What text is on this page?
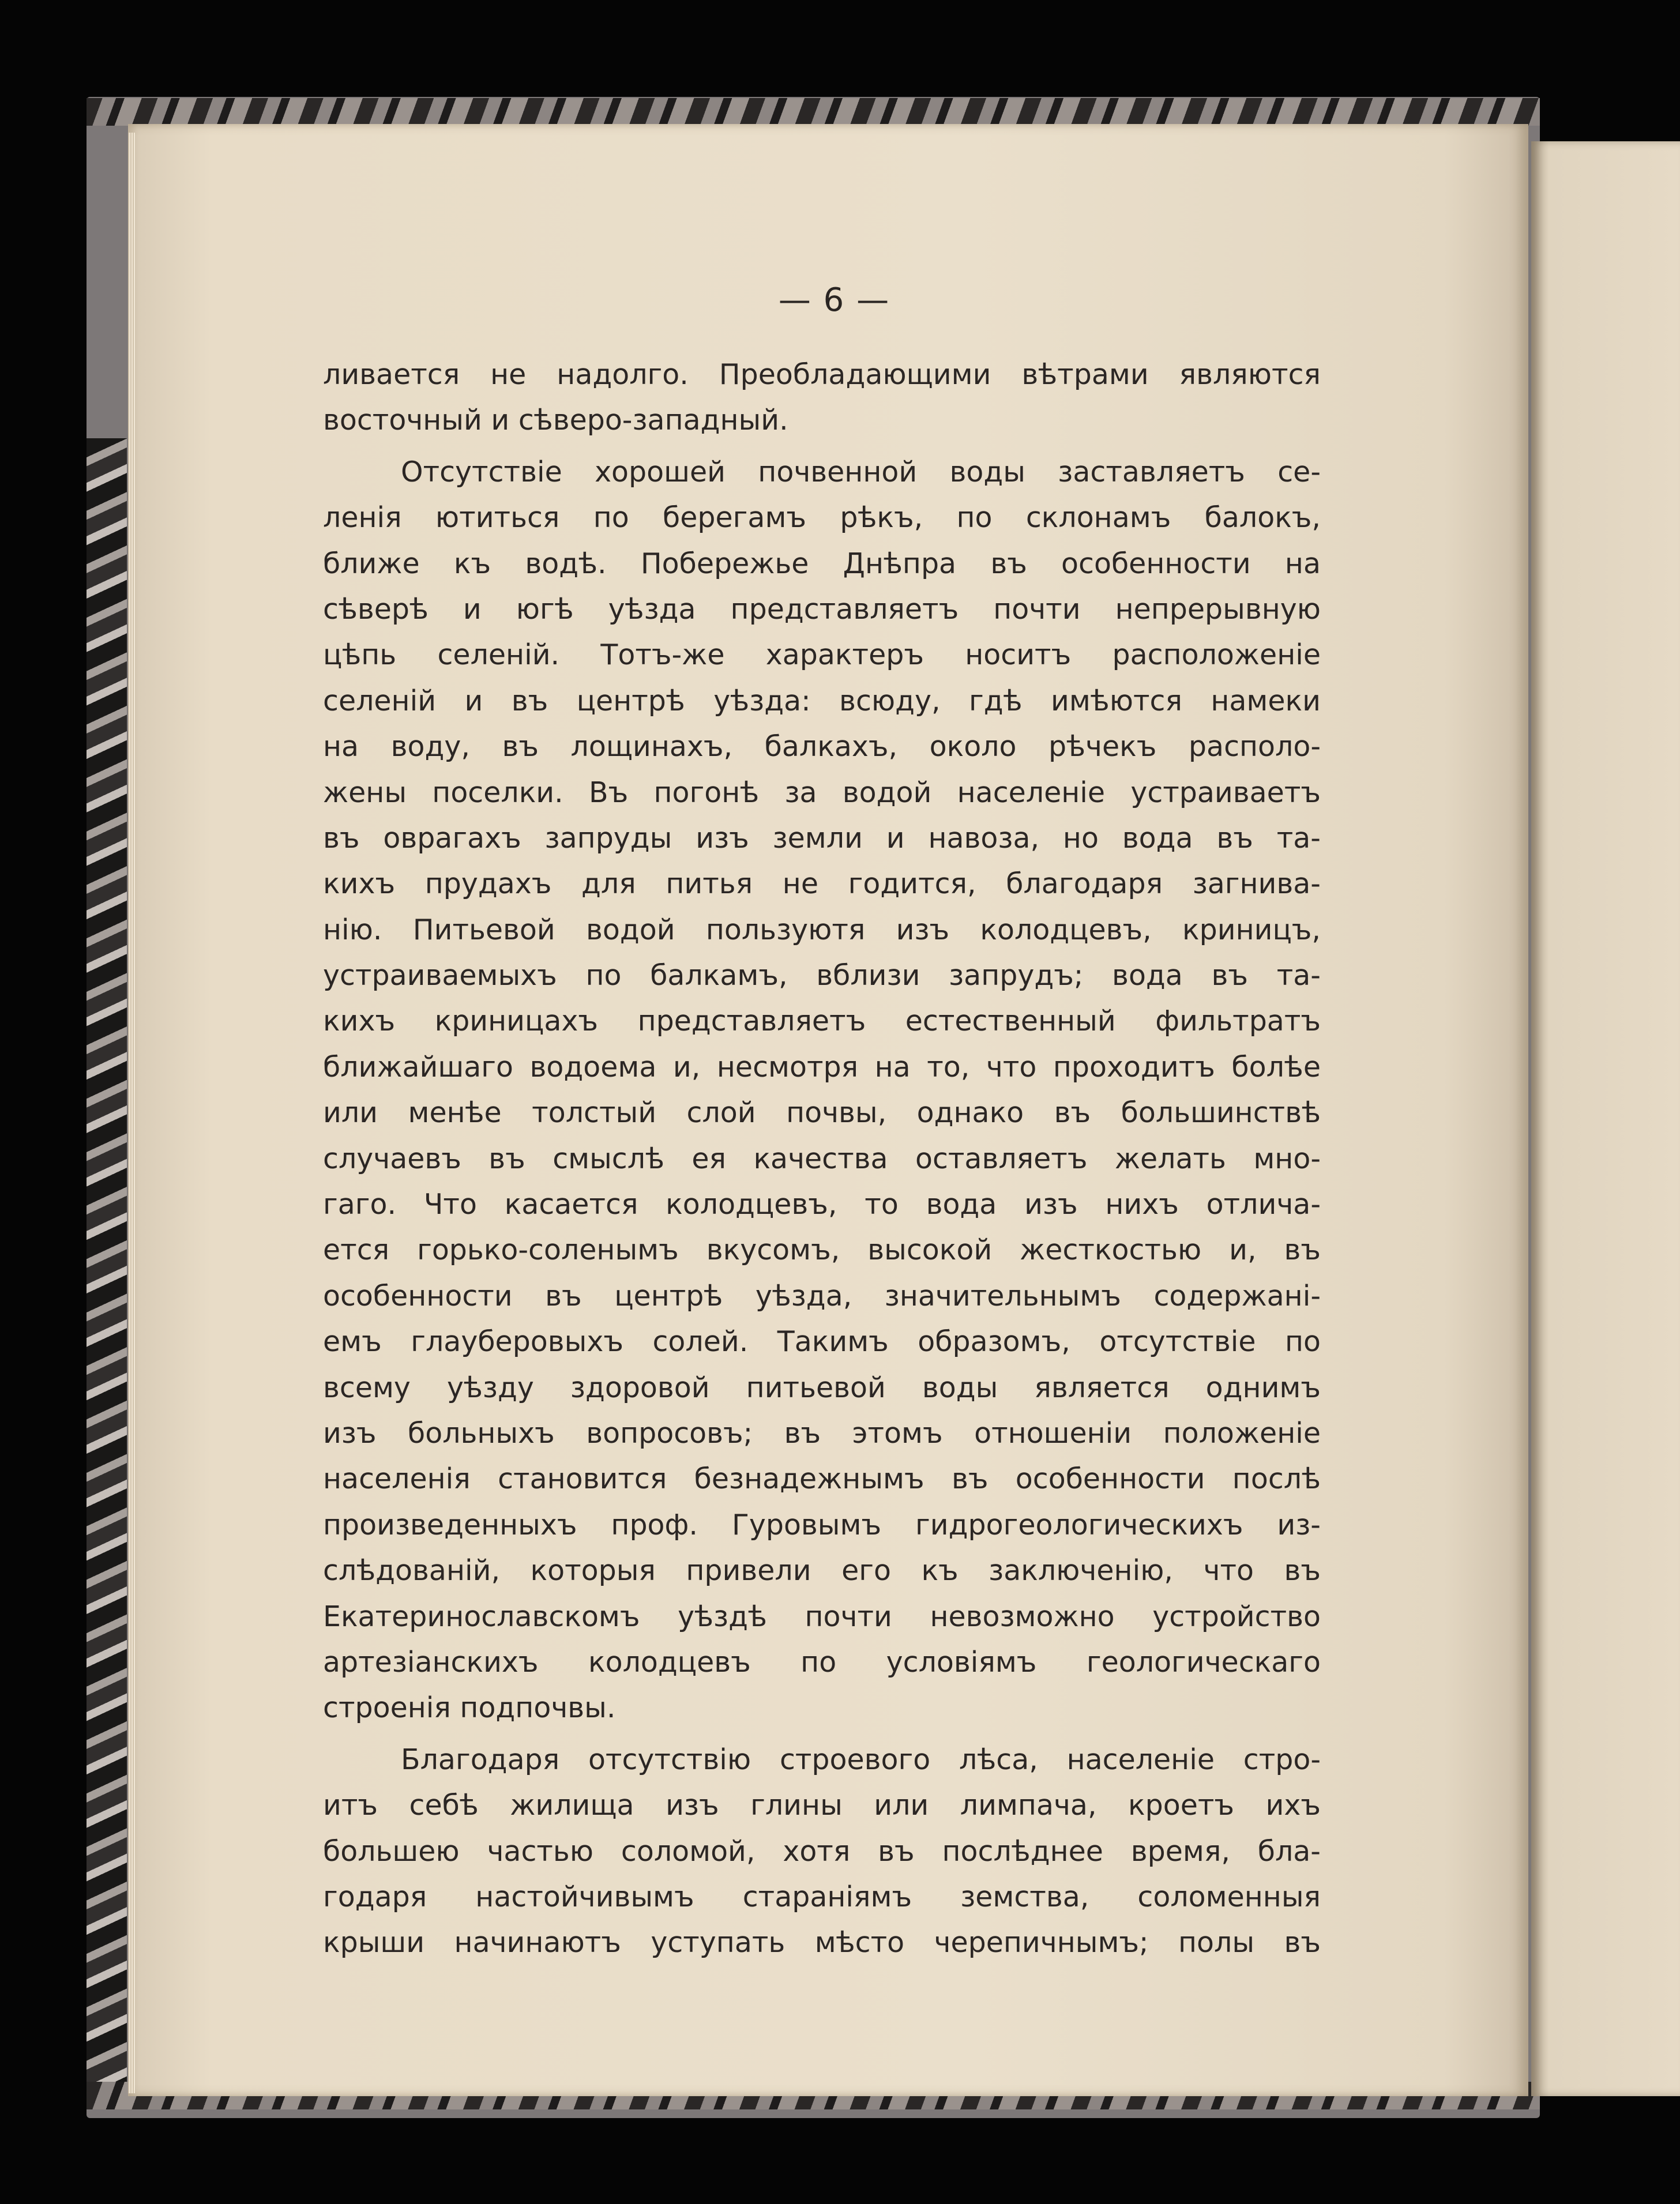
— 6 —
ливается не надолго. Преобладающими вѣтрами являются
восточный и сѣверо-западный.
Отсутствіе хорошей почвенной воды заставляетъ се-
ленія ютиться по берегамъ рѣкъ, по склонамъ балокъ,
ближе къ водѣ. Побережье Днѣпра въ особенности на
сѣверѣ и югѣ уѣзда представляетъ почти непрерывную
цѣпь селеній. Тотъ-же характеръ носитъ расположеніе
селеній и въ центрѣ уѣзда: всюду, гдѣ имѣются намеки
на воду, въ лощинахъ, балкахъ, около рѣчекъ располо-
жены поселки. Въ погонѣ за водой населеніе устраиваетъ
въ оврагахъ запруды изъ земли и навоза, но вода въ та-
кихъ прудахъ для питья не годится, благодаря загнива-
нію. Питьевой водой пользуютя изъ колодцевъ, криницъ,
устраиваемыхъ по балкамъ, вблизи запрудъ; вода въ та-
кихъ криницахъ представляетъ естественный фильтратъ
ближайшаго водоема и, несмотря на то, что проходитъ болѣе
или менѣе толстый слой почвы, однако въ большинствѣ
случаевъ въ смыслѣ ея качества оставляетъ желать мно-
гаго. Что касается колодцевъ, то вода изъ нихъ отлича-
ется горько-соленымъ вкусомъ, высокой жесткостью и, въ
особенности въ центрѣ уѣзда, значительнымъ содержані-
емъ глауберовыхъ солей. Такимъ образомъ, отсутствіе по
всему уѣзду здоровой питьевой воды является однимъ
изъ больныхъ вопросовъ; въ этомъ отношеніи положеніе
населенія становится безнадежнымъ въ особенности послѣ
произведенныхъ проф. Гуровымъ гидрогеологическихъ из-
слѣдованій, которыя привели его къ заключенію, что въ
Екатеринославскомъ уѣздѣ почти невозможно устройство
артезіанскихъ колодцевъ по условіямъ геологическаго
строенія подпочвы.
Благодаря отсутствію строевого лѣса, населеніе стро-
итъ себѣ жилища изъ глины или лимпача, кроетъ ихъ
большею частью соломой, хотя въ послѣднее время, бла-
годаря настойчивымъ стараніямъ земства, соломенныя
крыши начинаютъ уступать мѣсто черепичнымъ; полы въ
